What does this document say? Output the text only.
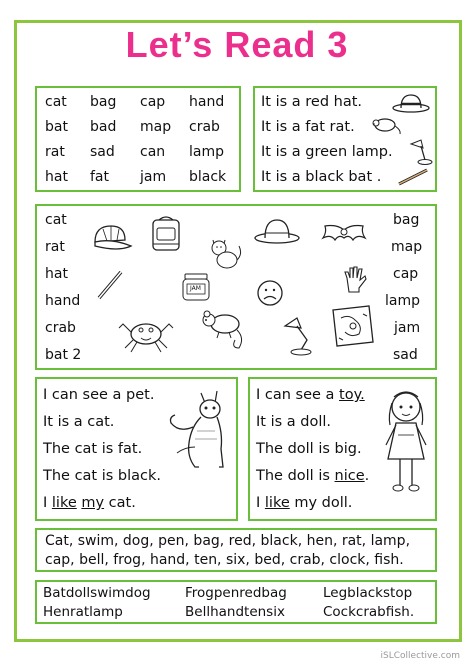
Let’s Read 3
cat bag cap hand
bat bad map crab
rat sad can lamp
hat fat jam black
It is a red hat.
It is a fat rat.
It is a green lamp.
It is a black bat .
cat
rat
hat
hand
crab
bat 2
bag
map
cap
lamp
jam
sad
JAM
I can see a pet.
It is a cat.
The cat is fat.
The cat is black.
I like my cat.
I can see a toy.
It is a doll.
The doll is big.
The doll is nice.
I like my doll.
Cat, swim, dog, pen, bag, red, black, hen, rat, lamp,
cap, bell, frog, hand, ten, six, bed, crab, clock, fish.
Batdollswimdog	Frogpenredbag	Legblackstop
Henratlamp	Bellhandtensix	Cockcrabfish.
iSLCollective.com
